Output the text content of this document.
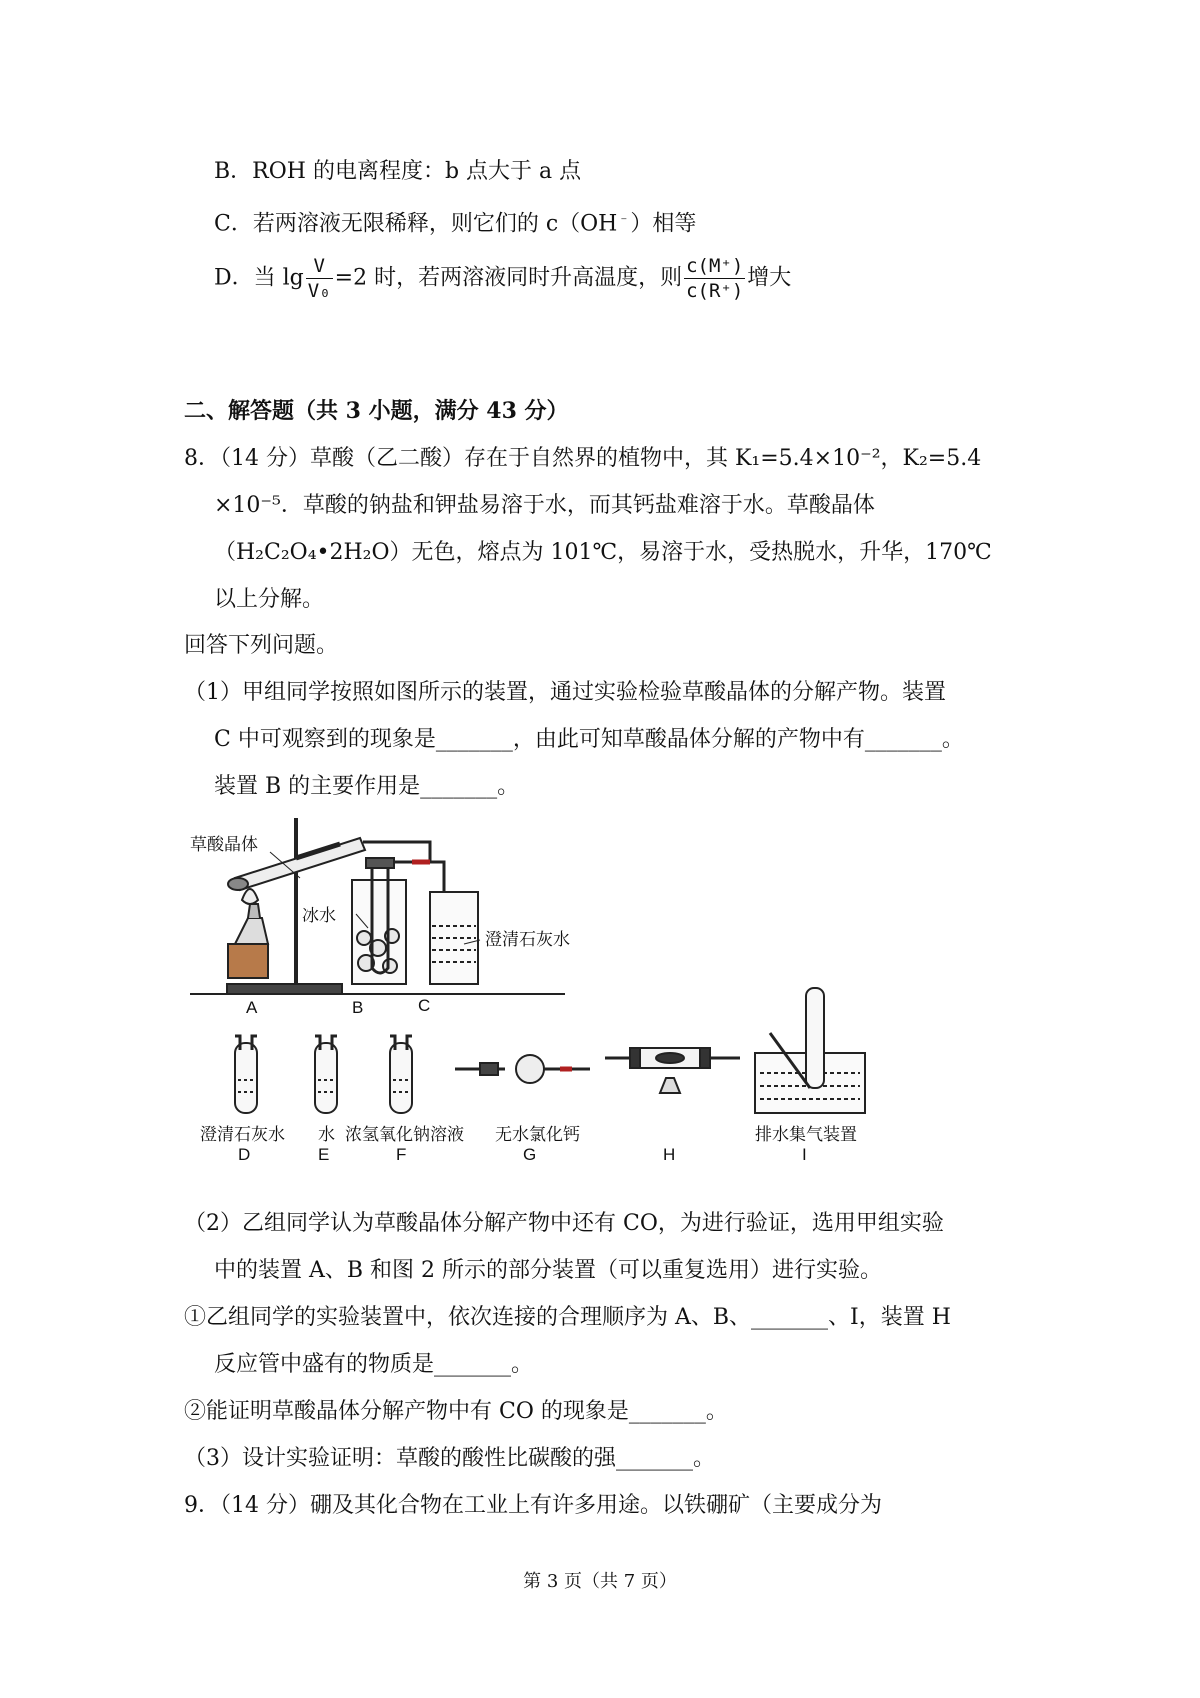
B．ROH 的电离程度：b 点大于 a 点
C．若两溶液无限稀释，则它们的 c（OH﹣）相等
D．当 $\lg \frac{V}{\text{V₀}} =2$ 时，若两溶液同时升高温度，则 $\frac{c(M^+)}{c(R^+)}$ 增大
二、解答题（共 3 小题，满分 43 分）
8．（14 分）草酸（乙二酸）存在于自然界的植物中，其 K₁=5.4×10⁻²，K₂=5.4
×10⁻⁵．草酸的钠盐和钾盐易溶于水，而其钙盐难溶于水。草酸晶体
（H₂C₂O₄•2H₂O）无色，熔点为 101℃，易溶于水，受热脱水，升华，170℃
以上分解。
回答下列问题。
（1）甲组同学按照如图所示的装置，通过实验检验草酸晶体的分解产物。装置
C 中可观察到的现象是_______，由此可知草酸晶体分解的产物中有_______。
装置 B 的主要作用是_______。
草酸晶体
冰水
澄清石灰水
A	B	C
澄清石灰水
D
水
E
浓氢氧化钠溶液
F
无水氯化钙
G	H
排水集气装置
I
（2）乙组同学认为草酸晶体分解产物中还有 CO，为进行验证，选用甲组实验
中的装置 A、B 和图 2 所示的部分装置（可以重复选用）进行实验。
①乙组同学的实验装置中，依次连接的合理顺序为 A、B、_______、I，装置 H
反应管中盛有的物质是_______。
②能证明草酸晶体分解产物中有 CO 的现象是_______。
（3）设计实验证明：草酸的酸性比碳酸的强_______。
9．（14 分）硼及其化合物在工业上有许多用途。以铁硼矿（主要成分为
第 3 页（共 7 页）
